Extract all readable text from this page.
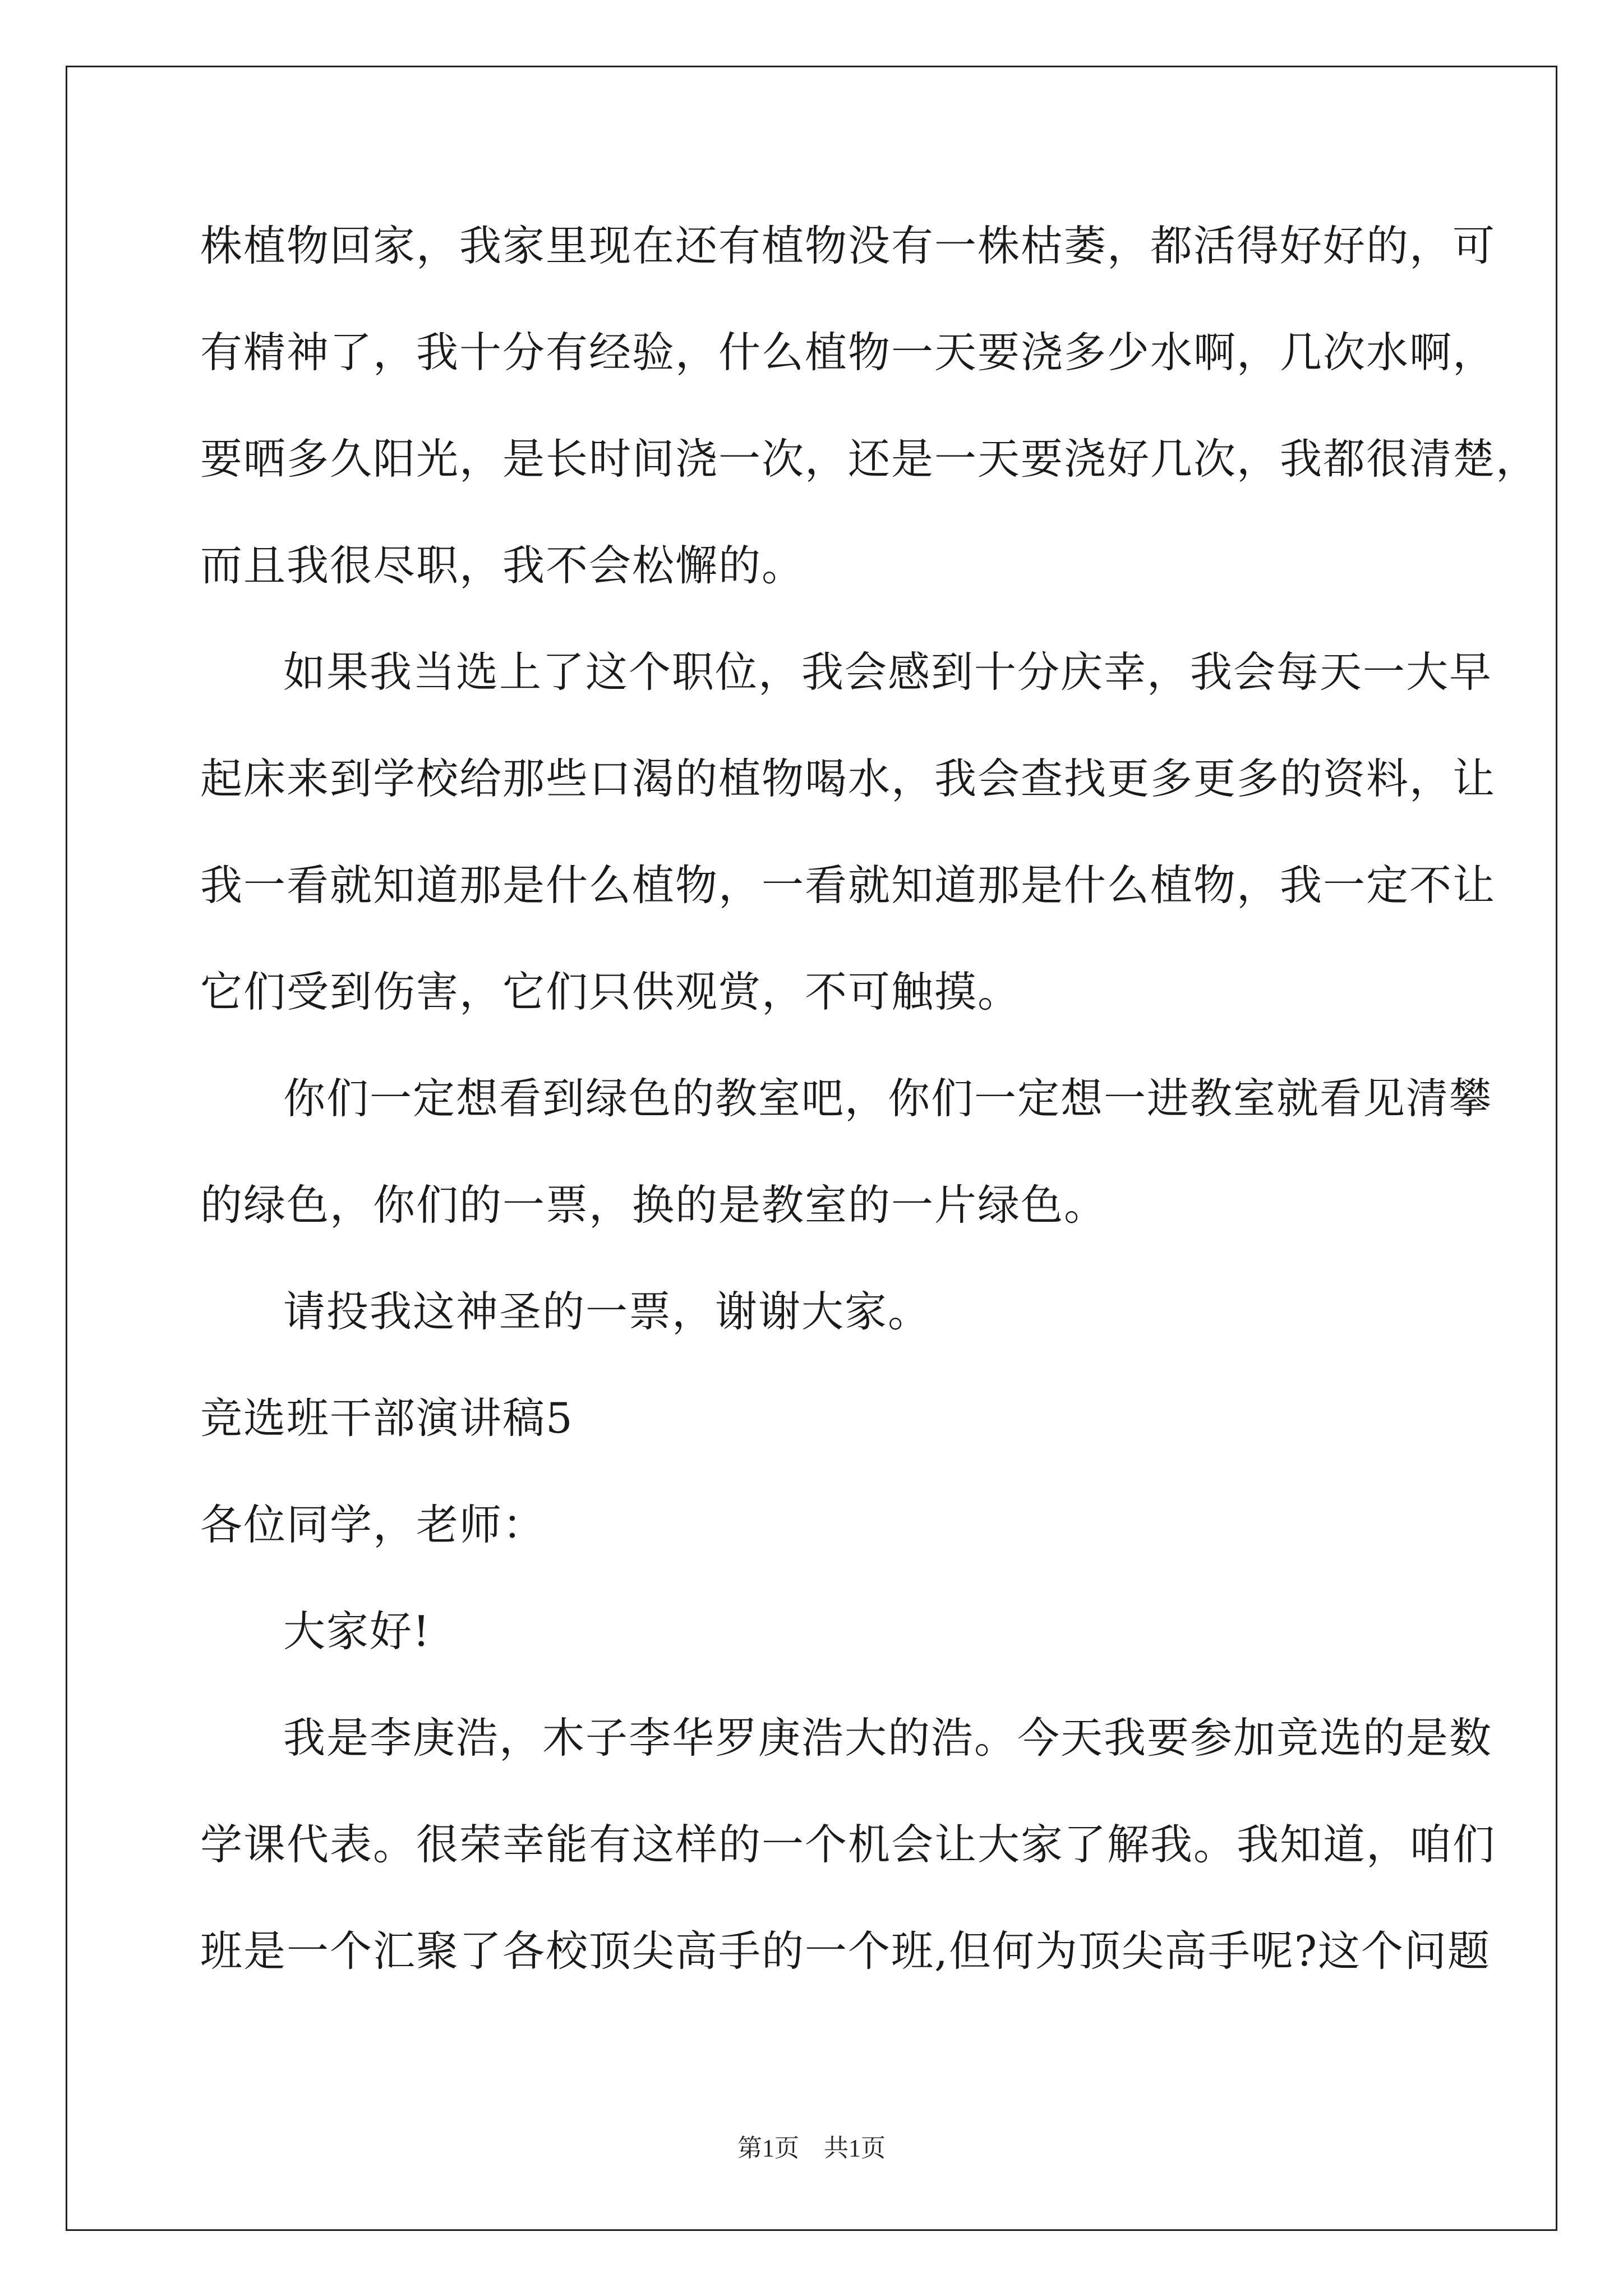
株植物回家，我家里现在还有植物没有一株枯萎，都活得好好的，可
有精神了，我十分有经验，什么植物一天要浇多少水啊，几次水啊，
要晒多久阳光，是长时间浇一次，还是一天要浇好几次，我都很清楚，
而且我很尽职，我不会松懈的。
如果我当选上了这个职位，我会感到十分庆幸，我会每天一大早
起床来到学校给那些口渴的植物喝水，我会查找更多更多的资料，让
我一看就知道那是什么植物，一看就知道那是什么植物，我一定不让
它们受到伤害，它们只供观赏，不可触摸。
你们一定想看到绿色的教室吧，你们一定想一进教室就看见清攀
的绿色，你们的一票，换的是教室的一片绿色。
请投我这神圣的一票，谢谢大家。
竞选班干部演讲稿5
各位同学，老师：
大家好!
我是李庚浩，木子李华罗庚浩大的浩。今天我要参加竞选的是数
学课代表。很荣幸能有这样的一个机会让大家了解我。我知道，咱们
班是一个汇聚了各校顶尖高手的一个班,但何为顶尖高手呢?这个问题
第1页　共1页
